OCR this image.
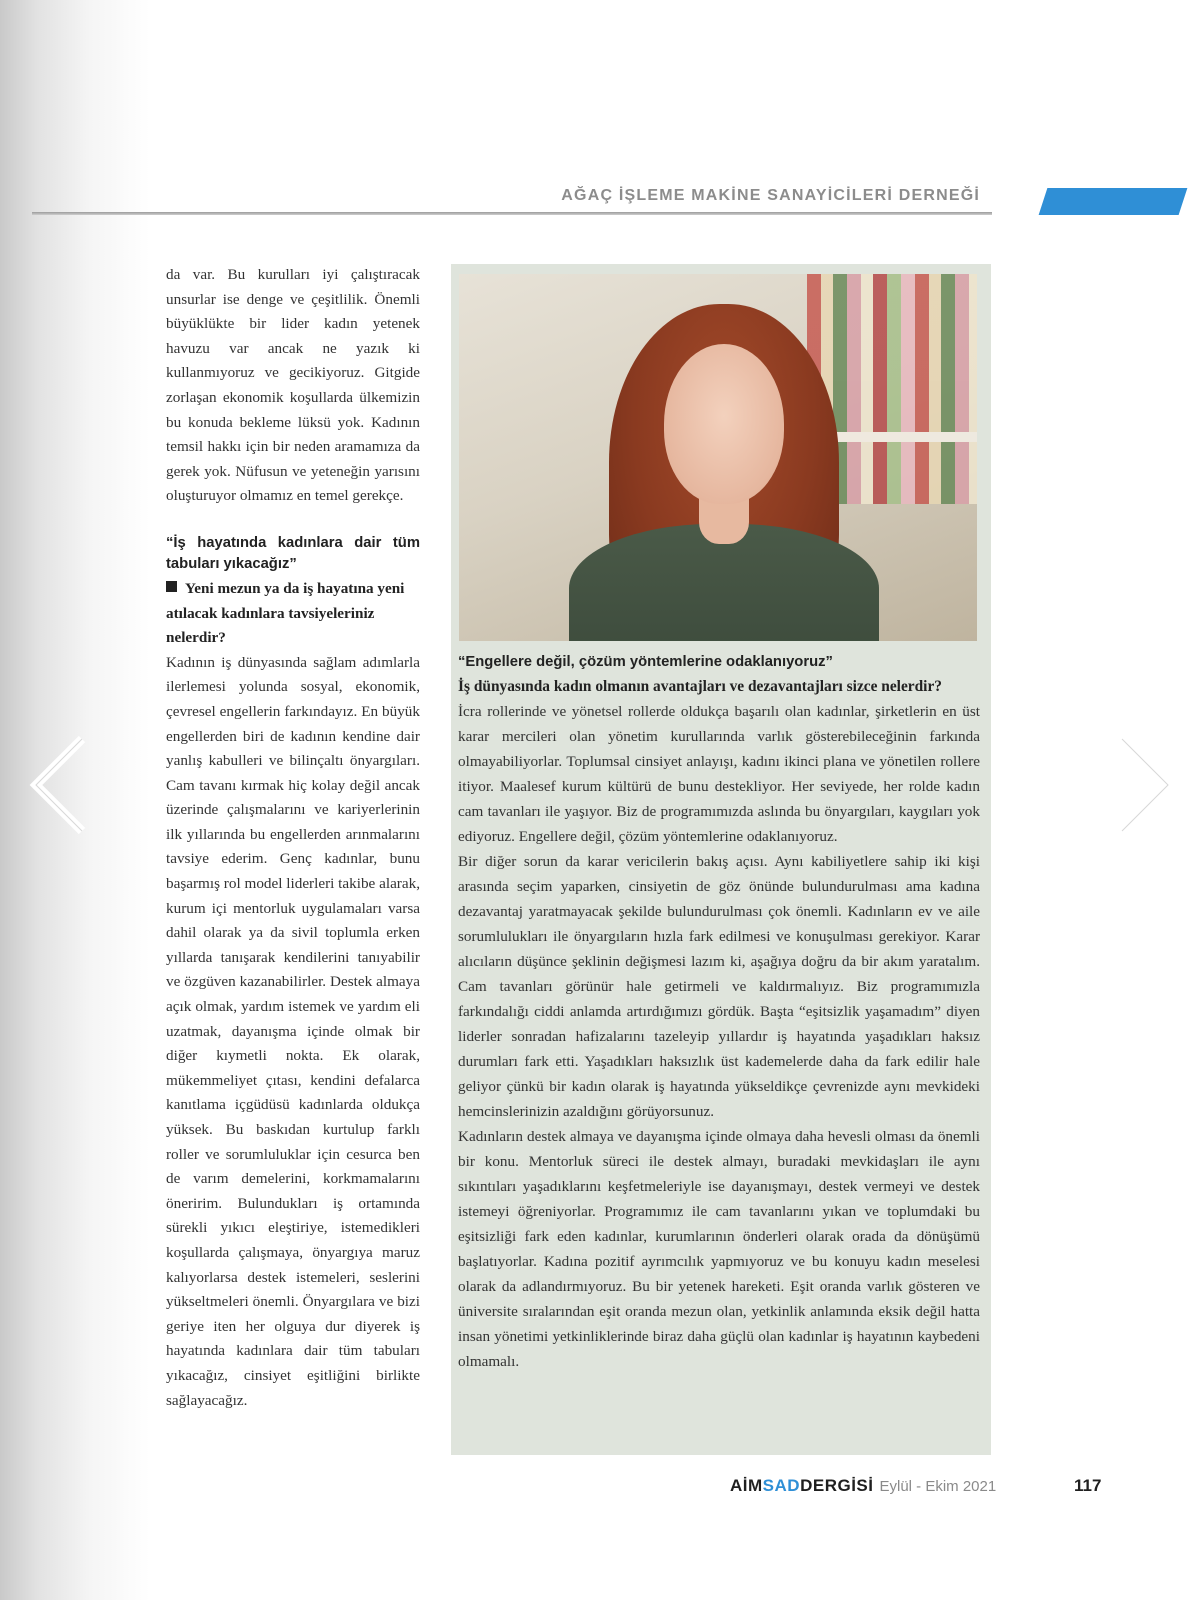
AĞAÇ İŞLEME MAKİNE SANAYİCİLERİ DERNEĞİ

da var. Bu kurulları iyi çalıştıracak unsurlar ise denge ve çeşitlilik. Önemli büyüklükte bir lider kadın yetenek havuzu var ancak ne yazık ki kullanmıyoruz ve gecikiyoruz. Gitgide zorlaşan ekonomik koşullarda ülkemizin bu konuda bekleme lüksü yok. Kadının temsil hakkı için bir neden aramamıza da gerek yok. Nüfusun ve yeteneğin yarısını oluşturuyor olmamız en temel gerekçe.

“İş hayatında kadınlara dair tüm tabuları yıkacağız”

Yeni mezun ya da iş hayatına yeni atılacak kadınlara tavsiyeleriniz nelerdir?

Kadının iş dünyasında sağlam adımlarla ilerlemesi yolunda sosyal, ekonomik, çevresel engellerin farkındayız. En büyük engellerden biri de kadının kendine dair yanlış kabulleri ve bilinçaltı önyargıları. Cam tavanı kırmak hiç kolay değil ancak üzerinde çalışmalarını ve kariyerlerinin ilk yıllarında bu engellerden arınmalarını tavsiye ederim. Genç kadınlar, bunu başarmış rol model liderleri takibe alarak, kurum içi mentorluk uygulamaları varsa dahil olarak ya da sivil toplumla erken yıllarda tanışarak kendilerini tanıyabilir ve özgüven kazanabilirler. Destek almaya açık olmak, yardım istemek ve yardım eli uzatmak, dayanışma içinde olmak bir diğer kıymetli nokta. Ek olarak, mükemmeliyet çıtası, kendini defalarca kanıtlama içgüdüsü kadınlarda oldukça yüksek. Bu baskıdan kurtulup farklı roller ve sorumluluklar için cesurca ben de varım demelerini, korkmamalarını öneririm. Bulundukları iş ortamında sürekli yıkıcı eleştiriye, istemedikleri koşullarda çalışmaya, önyargıya maruz kalıyorlarsa destek istemeleri, seslerini yükseltmeleri önemli. Önyargılara ve bizi geriye iten her olguya dur diyerek iş hayatında kadınlara dair tüm tabuları yıkacağız, cinsiyet eşitliğini birlikte sağlayacağız.

“Engellere değil, çözüm yöntemlerine odaklanıyoruz”

İş dünyasında kadın olmanın avantajları ve dezavantajları sizce nelerdir?

İcra rollerinde ve yönetsel rollerde oldukça başarılı olan kadınlar, şirketlerin en üst karar mercileri olan yönetim kurullarında varlık gösterebileceğinin farkında olmayabiliyorlar. Toplumsal cinsiyet anlayışı, kadını ikinci plana ve yönetilen rollere itiyor. Maalesef kurum kültürü de bunu destekliyor. Her seviyede, her rolde kadın cam tavanları ile yaşıyor. Biz de programımızda aslında bu önyargıları, kaygıları yok ediyoruz. Engellere değil, çözüm yöntemlerine odaklanıyoruz.

Bir diğer sorun da karar vericilerin bakış açısı. Aynı kabiliyetlere sahip iki kişi arasında seçim yaparken, cinsiyetin de göz önünde bulundurulması ama kadına dezavantaj yaratmayacak şekilde bulundurulması çok önemli. Kadınların ev ve aile sorumlulukları ile önyargıların hızla fark edilmesi ve konuşulması gerekiyor. Karar alıcıların düşünce şeklinin değişmesi lazım ki, aşağıya doğru da bir akım yaratalım. Cam tavanları görünür hale getirmeli ve kaldırmalıyız. Biz programımızla farkındalığı ciddi anlamda artırdığımızı gördük. Başta “eşitsizlik yaşamadım” diyen liderler sonradan hafizalarını tazeleyip yıllardır iş hayatında yaşadıkları haksız durumları fark etti. Yaşadıkları haksızlık üst kademelerde daha da fark edilir hale geliyor çünkü bir kadın olarak iş hayatında yükseldikçe çevrenizde aynı mevkideki hemcinslerinizin azaldığını görüyorsunuz.

Kadınların destek almaya ve dayanışma içinde olmaya daha hevesli olması da önemli bir konu. Mentorluk süreci ile destek almayı, buradaki mevkidaşları ile aynı sıkıntıları yaşadıklarını keşfetmeleriyle ise dayanışmayı, destek vermeyi ve destek istemeyi öğreniyorlar. Programımız ile cam tavanlarını yıkan ve toplumdaki bu eşitsizliği fark eden kadınlar, kurumlarının önderleri olarak orada da dönüşümü başlatıyorlar. Kadına pozitif ayrımcılık yapmıyoruz ve bu konuyu kadın meselesi olarak da adlandırmıyoruz. Bu bir yetenek hareketi. Eşit oranda varlık gösteren ve üniversite sıralarından eşit oranda mezun olan, yetkinlik anlamında eksik değil hatta insan yönetimi yetkinliklerinde biraz daha güçlü olan kadınlar iş hayatının kaybedeni olmamalı.

AİMSADDERGİSİ Eylül - Ekim 2021	117
